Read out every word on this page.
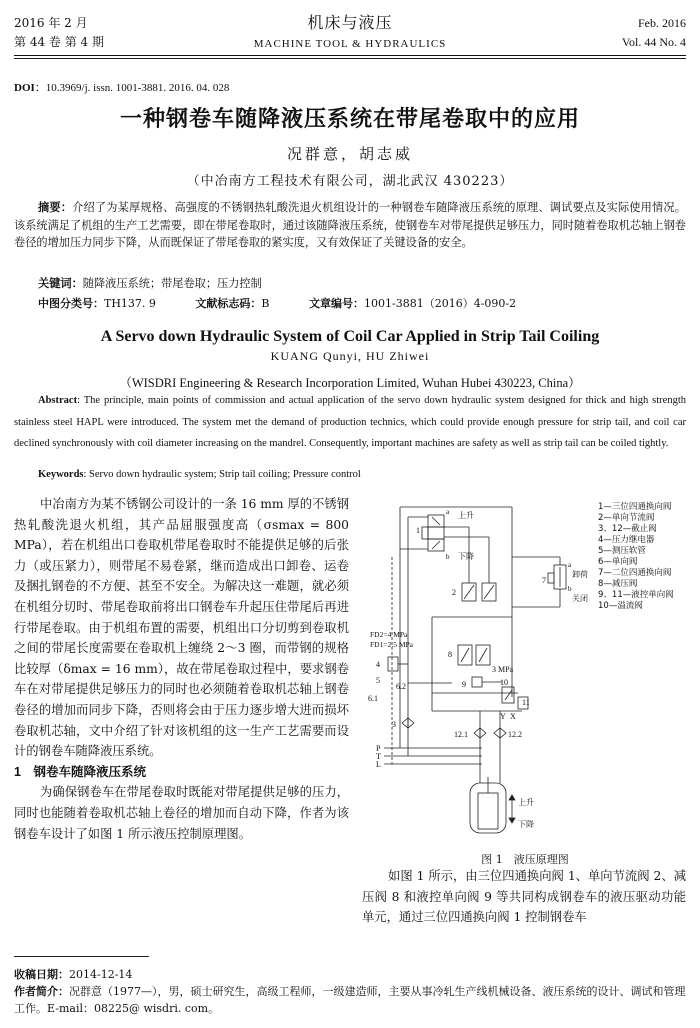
2016 年 2 月
第 44 卷 第 4 期
机床与液压
MACHINE TOOL & HYDRAULICS
Feb. 2016
Vol. 44 No. 4
DOI：10.3969/j. issn. 1001-3881. 2016. 04. 028
一种钢卷车随降液压系统在带尾卷取中的应用
况群意，胡志威
（中冶南方工程技术有限公司，湖北武汉 430223）
摘要：介绍了为某厚规格、高强度的不锈钢热轧酸洗退火机组设计的一种钢卷车随降液压系统的原理、调试要点及实际使用情况。该系统满足了机组的生产工艺需要，即在带尾卷取时，通过该随降液压系统，使钢卷车对带尾提供足够压力，同时随着卷取机芯轴上钢卷卷径的增加压力同步下降，从而既保证了带尾卷取的紧实度，又有效保证了关键设备的安全。
关键词：随降液压系统；带尾卷取；压力控制
中图分类号：TH137. 9	文献标志码：B	文章编号：1001-3881（2016）4-090-2
A Servo down Hydraulic System of Coil Car Applied in Strip Tail Coiling
KUANG Qunyi, HU Zhiwei
（WISDRI Engineering & Research Incorporation Limited, Wuhan Hubei 430223, China）
Abstract: The principle, main points of commission and actual application of the servo down hydraulic system designed for thick and high strength stainless steel HAPL were introduced. The system met the demand of production technics, which could provide enough pressure for strip tail, and coil car declined synchronously with coil diameter increasing on the mandrel. Consequently, important machines are safety as well as strip tail can be coiled tightly.
Keywords: Servo down hydraulic system; Strip tail coiling; Pressure control

中冶南方为某不锈钢公司设计的一条 16 mm 厚的不锈钢热轧酸洗退火机组，其产品屈服强度高（σsmax = 800 MPa），若在机组出口卷取机带尾卷取时不能提供足够的后张力（或压紧力），则带尾不易卷紧，继而造成出口卸卷、运卷及捆扎钢卷的不方便、甚至不安全。为解决这一难题，就必须在机组分切时、带尾卷取前将出口钢卷车升起压住带尾后再进行带尾卷取。由于机组布置的需要，机组出口分切剪到卷取机之间的带尾长度需要在卷取机上缠绕 2～3 圈，而带钢的规格比较厚（δmax = 16 mm），故在带尾卷取过程中，要求钢卷车在对带尾提供足够压力的同时也必须随着卷取机芯轴上钢卷卷径的增加而同步下降，否则将会由于压力逐步增大进而损坏卷取机芯轴，文中介绍了针对该机组的这一生产工艺需要而设计的钢卷车随降液压系统。

1　钢卷车随降液压系统

为确保钢卷车在带尾卷取时既能对带尾提供足够的压力，同时也能随着卷取机芯轴上卷径的增加而自动下降，作者为该钢卷车设计了如图 1 所示液压控制原理图。

上升
下降
a
b
1
2
a
b
卸荷
关闭
7
FD2=4 MPa
FD1=2.5 MPa
4
5
6.1
6.2
8
3 MPa
9	10
11
Y X
3
12.1	12.2
P
T
L
上升
下降
1—三位四通换向阀
2—单向节流阀
3、12—截止阀
4—压力继电器
5—测压软管
6—单向阀
7—二位四通换向阀
8—减压阀
9、11—液控单向阀
10—溢流阀
图 1　液压原理图

如图 1 所示，由三位四通换向阀 1、单向节流阀 2、减压阀 8 和液控单向阀 9 等共同构成钢卷车的液压驱动功能单元，通过三位四通换向阀 1 控制钢卷车

收稿日期：2014-12-14
作者简介：况群意（1977—），男，硕士研究生，高级工程师，一级建造师，主要从事冷轧生产线机械设备、液压系统的设计、调试和管理工作。E-mail：08225@ wisdri. com。
